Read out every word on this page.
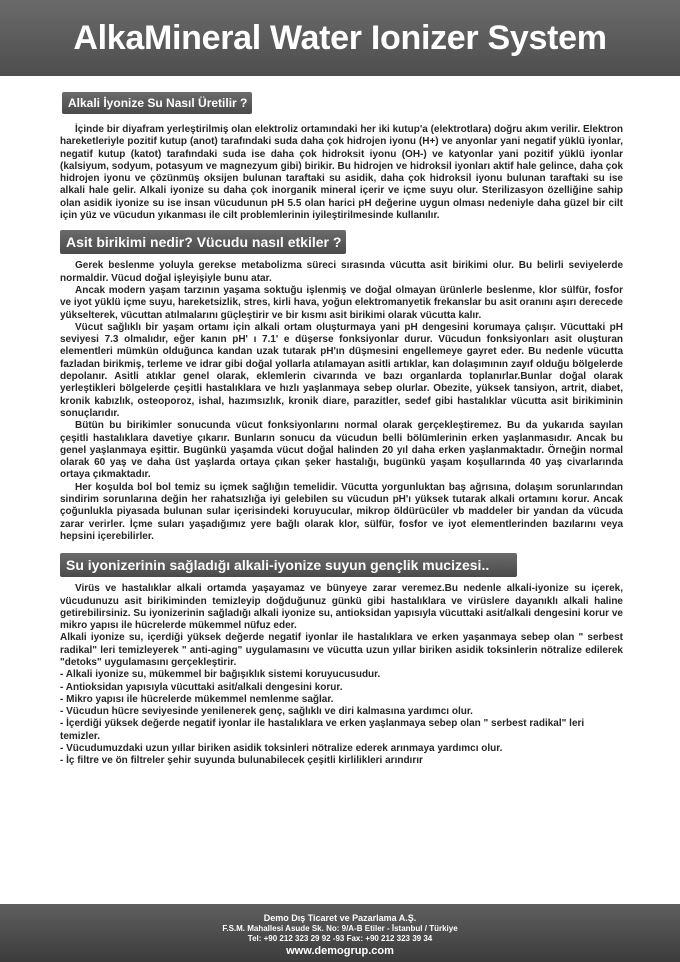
AlkaMineral Water Ionizer System
Alkali İyonize Su Nasıl Üretilir ?

İçinde bir diyafram yerleştirilmiş olan elektroliz ortamındaki her iki kutup'a (elektrotlara) doğru akım verilir. Elektron hareketleriyle pozitif kutup (anot) tarafındaki suda daha çok hidrojen iyonu (H+) ve anyonlar yani negatif yüklü iyonlar, negatif kutup (katot) tarafındaki suda ise daha çok hidroksit iyonu (OH-) ve katyonlar yani pozitif yüklü iyonlar (kalsiyum, sodyum, potasyum ve magnezyum gibi) birikir. Bu hidrojen ve hidroksil iyonları aktif hale gelince, daha çok hidrojen iyonu ve çözünmüş oksijen bulunan taraftaki su asidik, daha çok hidroksil iyonu bulunan taraftaki su ise alkali hale gelir. Alkali iyonize su daha çok inorganik mineral içerir ve içme suyu olur. Sterilizasyon özelliğine sahip olan asidik iyonize su ise insan vücudunun pH 5.5 olan harici pH değerine uygun olması nedeniyle daha güzel bir cilt için yüz ve vücudun yıkanması ile cilt problemlerinin iyileştirilmesinde kullanılır.

Asit birikimi nedir? Vücudu nasıl etkiler ?

Gerek beslenme yoluyla gerekse metabolizma süreci sırasında vücutta asit birikimi olur. Bu belirli seviyelerde normaldir. Vücud doğal işleyişiyle bunu atar.

Ancak modern yaşam tarzının yaşama soktuğu işlenmiş ve doğal olmayan ürünlerle beslenme, klor sülfür, fosfor ve iyot yüklü içme suyu, hareketsizlik, stres, kirli hava, yoğun elektromanyetik frekanslar bu asit oranını aşırı derecede yükselterek, vücuttan atılmalarını güçleştirir ve bir kısmı asit birikimi olarak vücutta kalır.

Vücut sağlıklı bir yaşam ortamı için alkali ortam oluşturmaya yani pH dengesini korumaya çalışır. Vücuttaki pH seviyesi 7.3 olmalıdır, eğer kanın pH' ı 7.1' e düşerse fonksiyonlar durur. Vücudun fonksiyonları asit oluşturan elementleri mümkün olduğunca kandan uzak tutarak pH'ın düşmesini engellemeye gayret eder. Bu nedenle vücutta fazladan birikmiş, terleme ve idrar gibi doğal yollarla atılamayan asitli artıklar, kan dolaşımının zayıf olduğu bölgelerde depolanır. Asitli atıklar genel olarak, eklemlerin civarında ve bazı organlarda toplanırlar.Bunlar doğal olarak yerleştikleri bölgelerde çeşitli hastalıklara ve hızlı yaşlanmaya sebep olurlar. Obezite, yüksek tansiyon, artrit, diabet, kronik kabızlık, osteoporoz, ishal, hazımsızlık, kronik diare, parazitler, sedef gibi hastalıklar vücutta asit birikiminin sonuçlarıdır.

Bütün bu birikimler sonucunda vücut fonksiyonlarını normal olarak gerçekleştiremez. Bu da yukarıda sayılan çeşitli hastalıklara davetiye çıkarır. Bunların sonucu da vücudun belli bölümlerinin erken yaşlanmasıdır. Ancak bu genel yaşlanmaya eşittir. Bugünkü yaşamda vücut doğal halinden 20 yıl daha erken yaşlanmaktadır. Örneğin normal olarak 60 yaş ve daha üst yaşlarda ortaya çıkan şeker hastalığı, bugünkü yaşam koşullarında 40 yaş civarlarında ortaya çıkmaktadır.

Her koşulda bol bol temiz su içmek sağlığın temelidir. Vücutta yorgunluktan baş ağrısına, dolaşım sorunlarından sindirim sorunlarına değin her rahatsızlığa iyi gelebilen su vücudun pH'ı yüksek tutarak alkali ortamını korur. Ancak çoğunlukla piyasada bulunan sular içerisindeki koruyucular, mikrop öldürücüler vb maddeler bir yandan da vücuda zarar verirler. İçme suları yaşadığımız yere bağlı olarak klor, sülfür, fosfor ve iyot elementlerinden bazılarını veya hepsini içerebilirler.

Su iyonizerinin sağladığı alkali-iyonize suyun gençlik mucizesi..

Virüs ve hastalıklar alkali ortamda yaşayamaz ve bünyeye zarar veremez.Bu nedenle alkali-iyonize su içerek, vücudunuzu asit birikiminden temizleyip doğduğunuz günkü gibi hastalıklara ve virüslere dayanıklı alkali haline getirebilirsiniz. Su iyonizerinin sağladığı alkali iyonize su, antioksidan yapısıyla vücuttaki asit/alkali dengesini korur ve mikro yapısı ile hücrelerde mükemmel nüfuz eder.

Alkali iyonize su, içerdiği yüksek değerde negatif iyonlar ile hastalıklara ve erken yaşanmaya sebep olan " serbest radikal" leri temizleyerek " anti-aging" uygulamasını ve vücutta uzun yıllar biriken asidik toksinlerin nötralize edilerek "detoks" uygulamasını gerçekleştirir.

- Alkali iyonize su, mükemmel bir bağışıklık sistemi koruyucusudur.
- Antioksidan yapısıyla vücuttaki asit/alkali dengesini korur.
- Mikro yapısı ile hücrelerde mükemmel nemlenme sağlar.
- Vücudun hücre seviyesinde yenilenerek genç, sağlıklı ve diri kalmasına yardımcı olur.
- İçerdiği yüksek değerde negatif iyonlar ile hastalıklara ve erken yaşlanmaya sebep olan " serbest radikal" leri temizler.
- Vücudumuzdaki uzun yıllar biriken asidik toksinleri nötralize ederek arınmaya yardımcı olur.
- İç filtre ve ön filtreler şehir suyunda bulunabilecek çeşitli kirlilikleri arındırır
Demo Dış Ticaret ve Pazarlama A.Ş.
F.S.M. Mahallesi Asude Sk. No: 9/A-B Etiler - İstanbul / Türkiye
Tel: +90 212 323 29 92 -93 Fax: +90 212 323 39 34
www.demogrup.com
